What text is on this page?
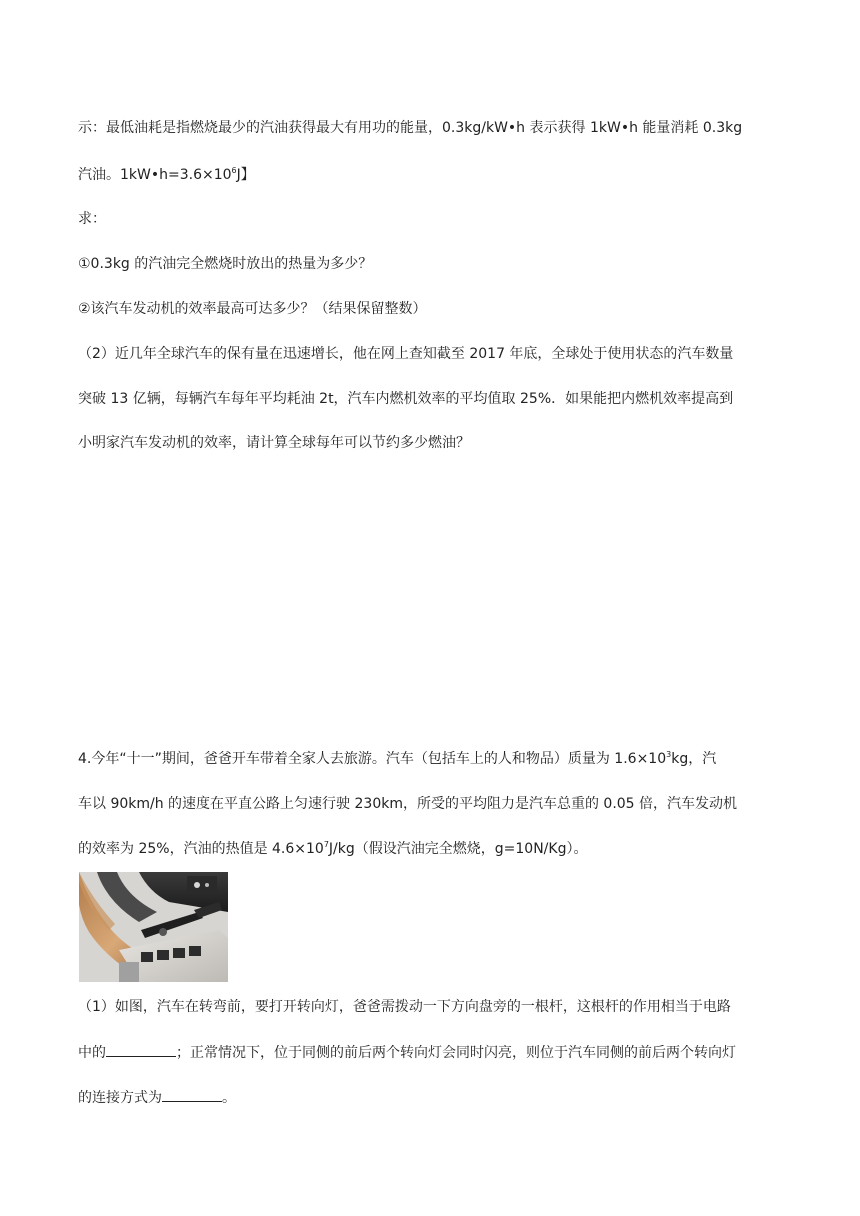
示：最低油耗是指燃烧最少的汽油获得最大有用功的能量，0.3kg/kW•h 表示获得 1kW•h 能量消耗 0.3kg
汽油。$1kW•h=3.6\times 10^6J$】
求：
①0.3kg 的汽油完全燃烧时放出的热量为多少？
②该汽车发动机的效率最高可达多少？（结果保留整数）
（2）近几年全球汽车的保有量在迅速增长，他在网上查知截至 2017 年底，全球处于使用状态的汽车数量
突破 13 亿辆，每辆汽车每年平均耗油 2t，汽车内燃机效率的平均值取 25%．如果能把内燃机效率提高到
小明家汽车发动机的效率，请计算全球每年可以节约多少燃油？
4.今年“十一”期间，爸爸开车带着全家人去旅游。汽车（包括车上的人和物品）质量为 $1.6\times 10^3kg$，汽
车以 90km/h 的速度在平直公路上匀速行驶 230km，所受的平均阻力是汽车总重的 0.05 倍，汽车发动机
的效率为 25%，汽油的热值是 $4.6\times 10^7J/kg$（假设汽油完全燃烧，g=10N/Kg）。
（1）如图，汽车在转弯前，要打开转向灯，爸爸需拨动一下方向盘旁的一根杆，这根杆的作用相当于电路
中的	；正常情况下，位于同侧的前后两个转向灯会同时闪亮，则位于汽车同侧的前后两个转向灯
的连接方式为	。
